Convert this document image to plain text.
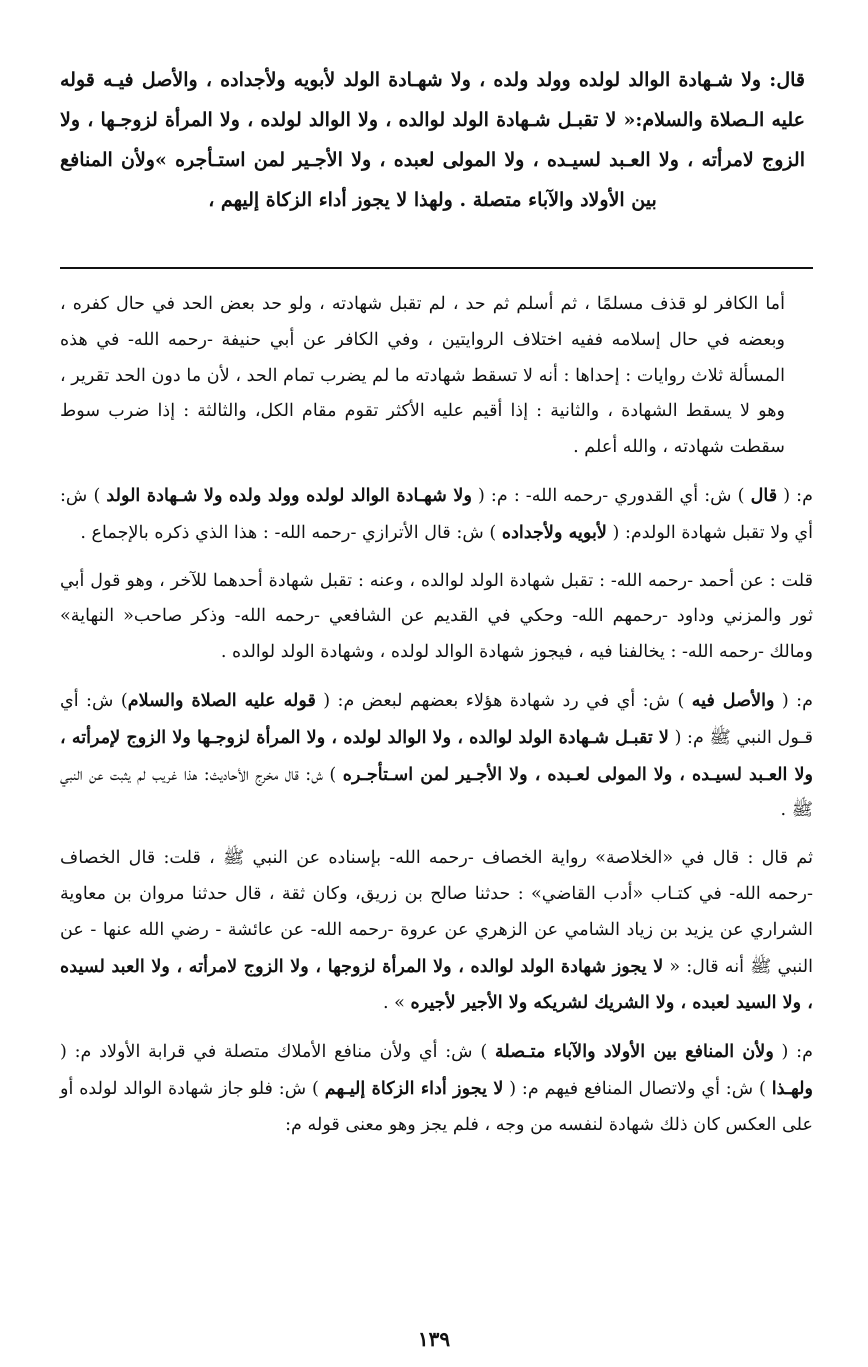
قال: ولا شـهادة الوالد لولده وولد ولده ، ولا شهـادة الولد لأبويه ولأجداده ، والأصل فيـه قوله عليه الـصلاة والسلام:« لا تقبـل شـهادة الولد لوالده ، ولا الوالد لولده ، ولا المرأة لزوجـها ، ولا الزوج لامرأته ، ولا العـبد لسيـده ، ولا المولى لعبده ، ولا الأجـير لمن استـأجره »ولأن المنافع بين الأولاد والآباء متصلة . ولهذا لا يجوز أداء الزكاة إليهم ،

أما الكافر لو قذف مسلمًا ، ثم أسلم ثم حد ، لم تقبل شهادته ، ولو حد بعض الحد في حال كفره ، وبعضه في حال إسلامه ففيه اختلاف الروايتين ، وفي الكافر عن أبي حنيفة -رحمه الله- في هذه المسألة ثلاث روايات : إحداها : أنه لا تسقط شهادته ما لم يضرب تمام الحد ، لأن ما دون الحد تقرير ، وهو لا يسقط الشهادة ، والثانية : إذا أقيم عليه الأكثر تقوم مقام الكل، والثالثة : إذا ضرب سوط سقطت شهادته ، والله أعلم .

م: ( قال ) ش: أي القدوري -رحمه الله- : م: ( ولا شهـادة الوالد لولده وولد ولده ولا شـهادة الولد ) ش: أي ولا تقبل شهادة الولدم: ( لأبويه ولأجداده ) ش: قال الأترازي -رحمه الله- : هذا الذي ذكره بالإجماع .

قلت : عن أحمد -رحمه الله- : تقبل شهادة الولد لوالده ، وعنه : تقبل شهادة أحدهما للآخر ، وهو قول أبي ثور والمزني وداود -رحمهم الله- وحكي في القديم عن الشافعي -رحمه الله- وذكر صاحب« النهاية» ومالك -رحمه الله- : يخالفنا فيه ، فيجوز شهادة الوالد لولده ، وشهادة الولد لوالده .

م: ( والأصل فيه ) ش: أي في رد شهادة هؤلاء بعضهم لبعض م: ( قوله عليه الصلاة والسلام) ش: أي قـول النبي ﷺ م: ( لا تقبـل شـهادة الولد لوالده ، ولا الوالد لولده ، ولا المرأة لزوجـها ولا الزوج لإمرأته ، ولا العـبد لسيـده ، ولا المولى لعـبده ، ولا الأجـير لمن اسـتأجـره ) ش: قال مخرج الأحاديث: هذا غريب لم يثبت عن النبي ﷺ .

ثم قال : قال في «الخلاصة» رواية الخصاف -رحمه الله- بإسناده عن النبي ﷺ ، قلت: قال الخصاف -رحمه الله- في كتـاب «أدب القاضي» : حدثنا صالح بن زريق، وكان ثقة ، قال حدثنا مروان بن معاوية الشراري عن يزيد بن زياد الشامي عن الزهري عن عروة -رحمه الله- عن عائشة - رضي الله عنها - عن النبي ﷺ أنه قال: « لا يجوز شهادة الولد لوالده ، ولا المرأة لزوجها ، ولا الزوج لامرأته ، ولا العبد لسيده ، ولا السيد لعبده ، ولا الشريك لشريكه ولا الأجير لأجيره » .

م: ( ولأن المنافع بين الأولاد والآباء متـصلة ) ش: أي ولأن منافع الأملاك متصلة في قرابة الأولاد م: ( ولهـذا ) ش: أي ولاتصال المنافع فيهم م: ( لا يجوز أداء الزكاة إليـهم ) ش: فلو جاز شهادة الوالد لولده أو على العكس كان ذلك شهادة لنفسه من وجه ، فلم يجز وهو معنى قوله م:

١٣٩
